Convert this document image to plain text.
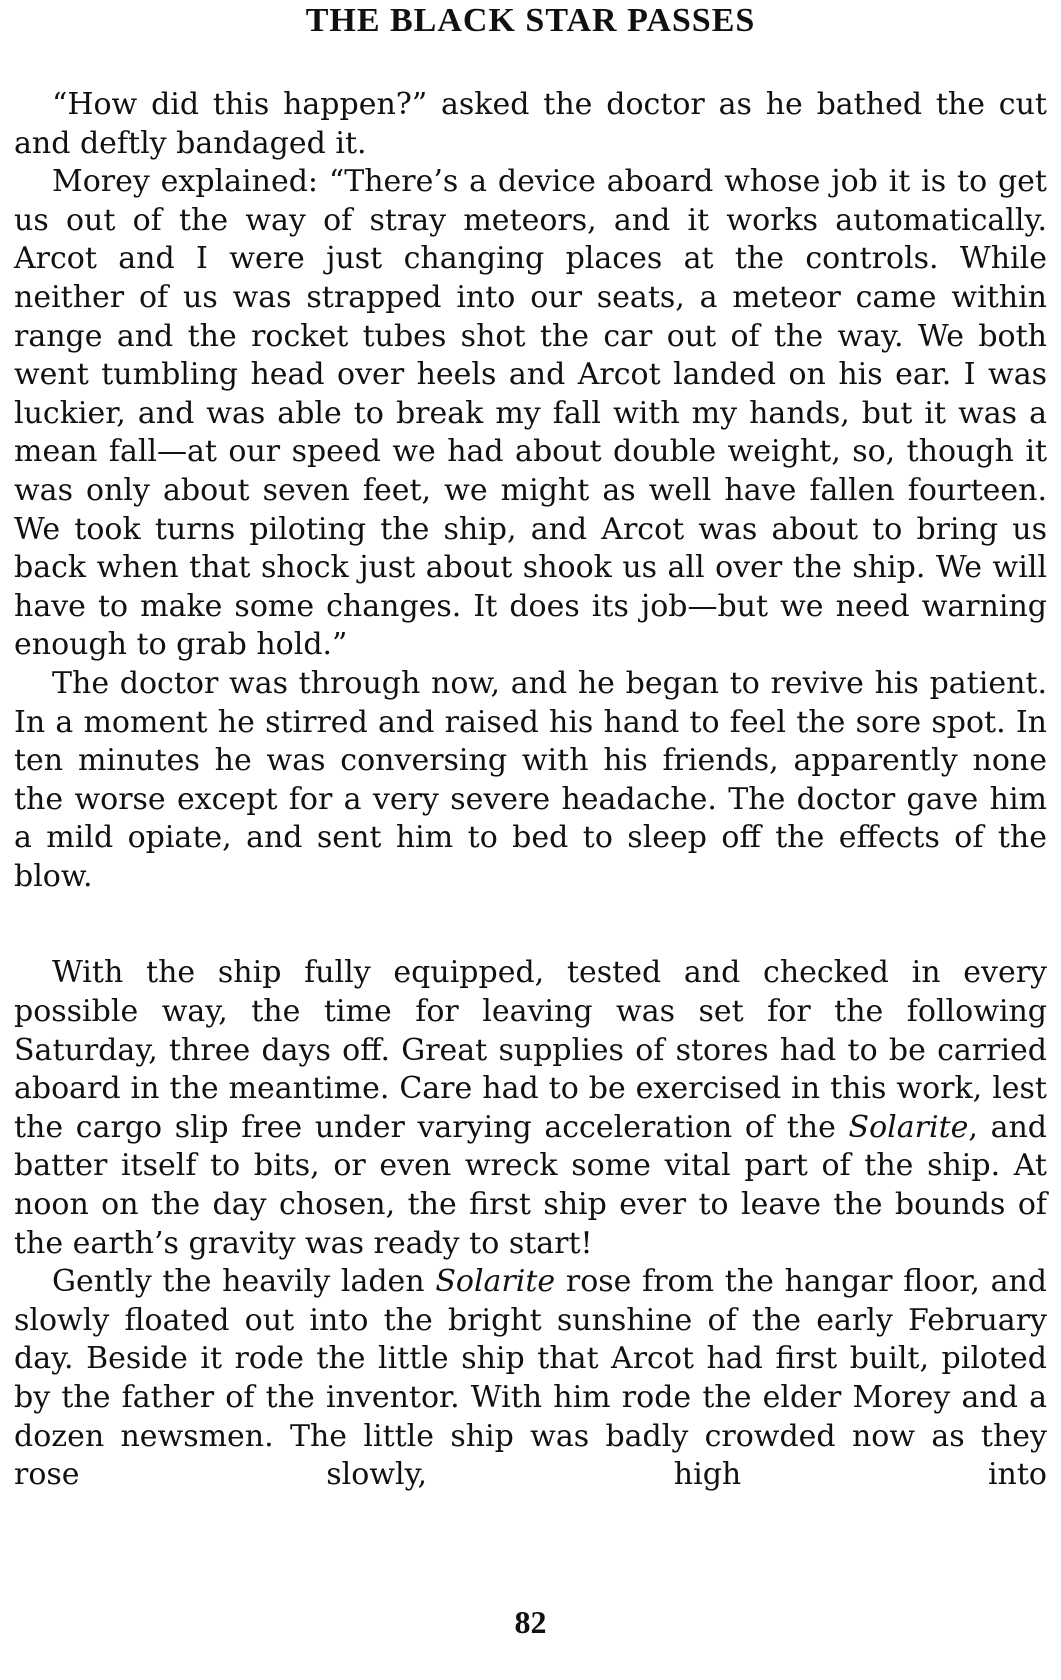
THE BLACK STAR PASSES

“How did this happen?” asked the doctor as he bathed the cut and deftly bandaged it.

Morey explained: “There’s a device aboard whose job it is to get us out of the way of stray meteors, and it works automatically. Arcot and I were just changing places at the controls. While neither of us was strapped into our seats, a meteor came within range and the rocket tubes shot the car out of the way. We both went tumbling head over heels and Arcot landed on his ear. I was luckier, and was able to break my fall with my hands, but it was a mean fall—at our speed we had about double weight, so, though it was only about seven feet, we might as well have fallen fourteen. We took turns piloting the ship, and Arcot was about to bring us back when that shock just about shook us all over the ship. We will have to make some changes. It does its job—but we need warning enough to grab hold.”

The doctor was through now, and he began to revive his patient. In a moment he stirred and raised his hand to feel the sore spot. In ten minutes he was conversing with his friends, apparently none the worse except for a very severe headache. The doctor gave him a mild opiate, and sent him to bed to sleep off the effects of the blow.

With the ship fully equipped, tested and checked in every possible way, the time for leaving was set for the following Saturday, three days off. Great supplies of stores had to be carried aboard in the meantime. Care had to be exercised in this work, lest the cargo slip free under varying acceleration of the Solarite, and batter itself to bits, or even wreck some vital part of the ship. At noon on the day chosen, the first ship ever to leave the bounds of the earth’s gravity was ready to start!

Gently the heavily laden Solarite rose from the hangar floor, and slowly floated out into the bright sunshine of the early February day. Beside it rode the little ship that Arcot had first built, piloted by the father of the inventor. With him rode the elder Morey and a dozen newsmen. The little ship was badly crowded now as they rose slowly, high into

82
